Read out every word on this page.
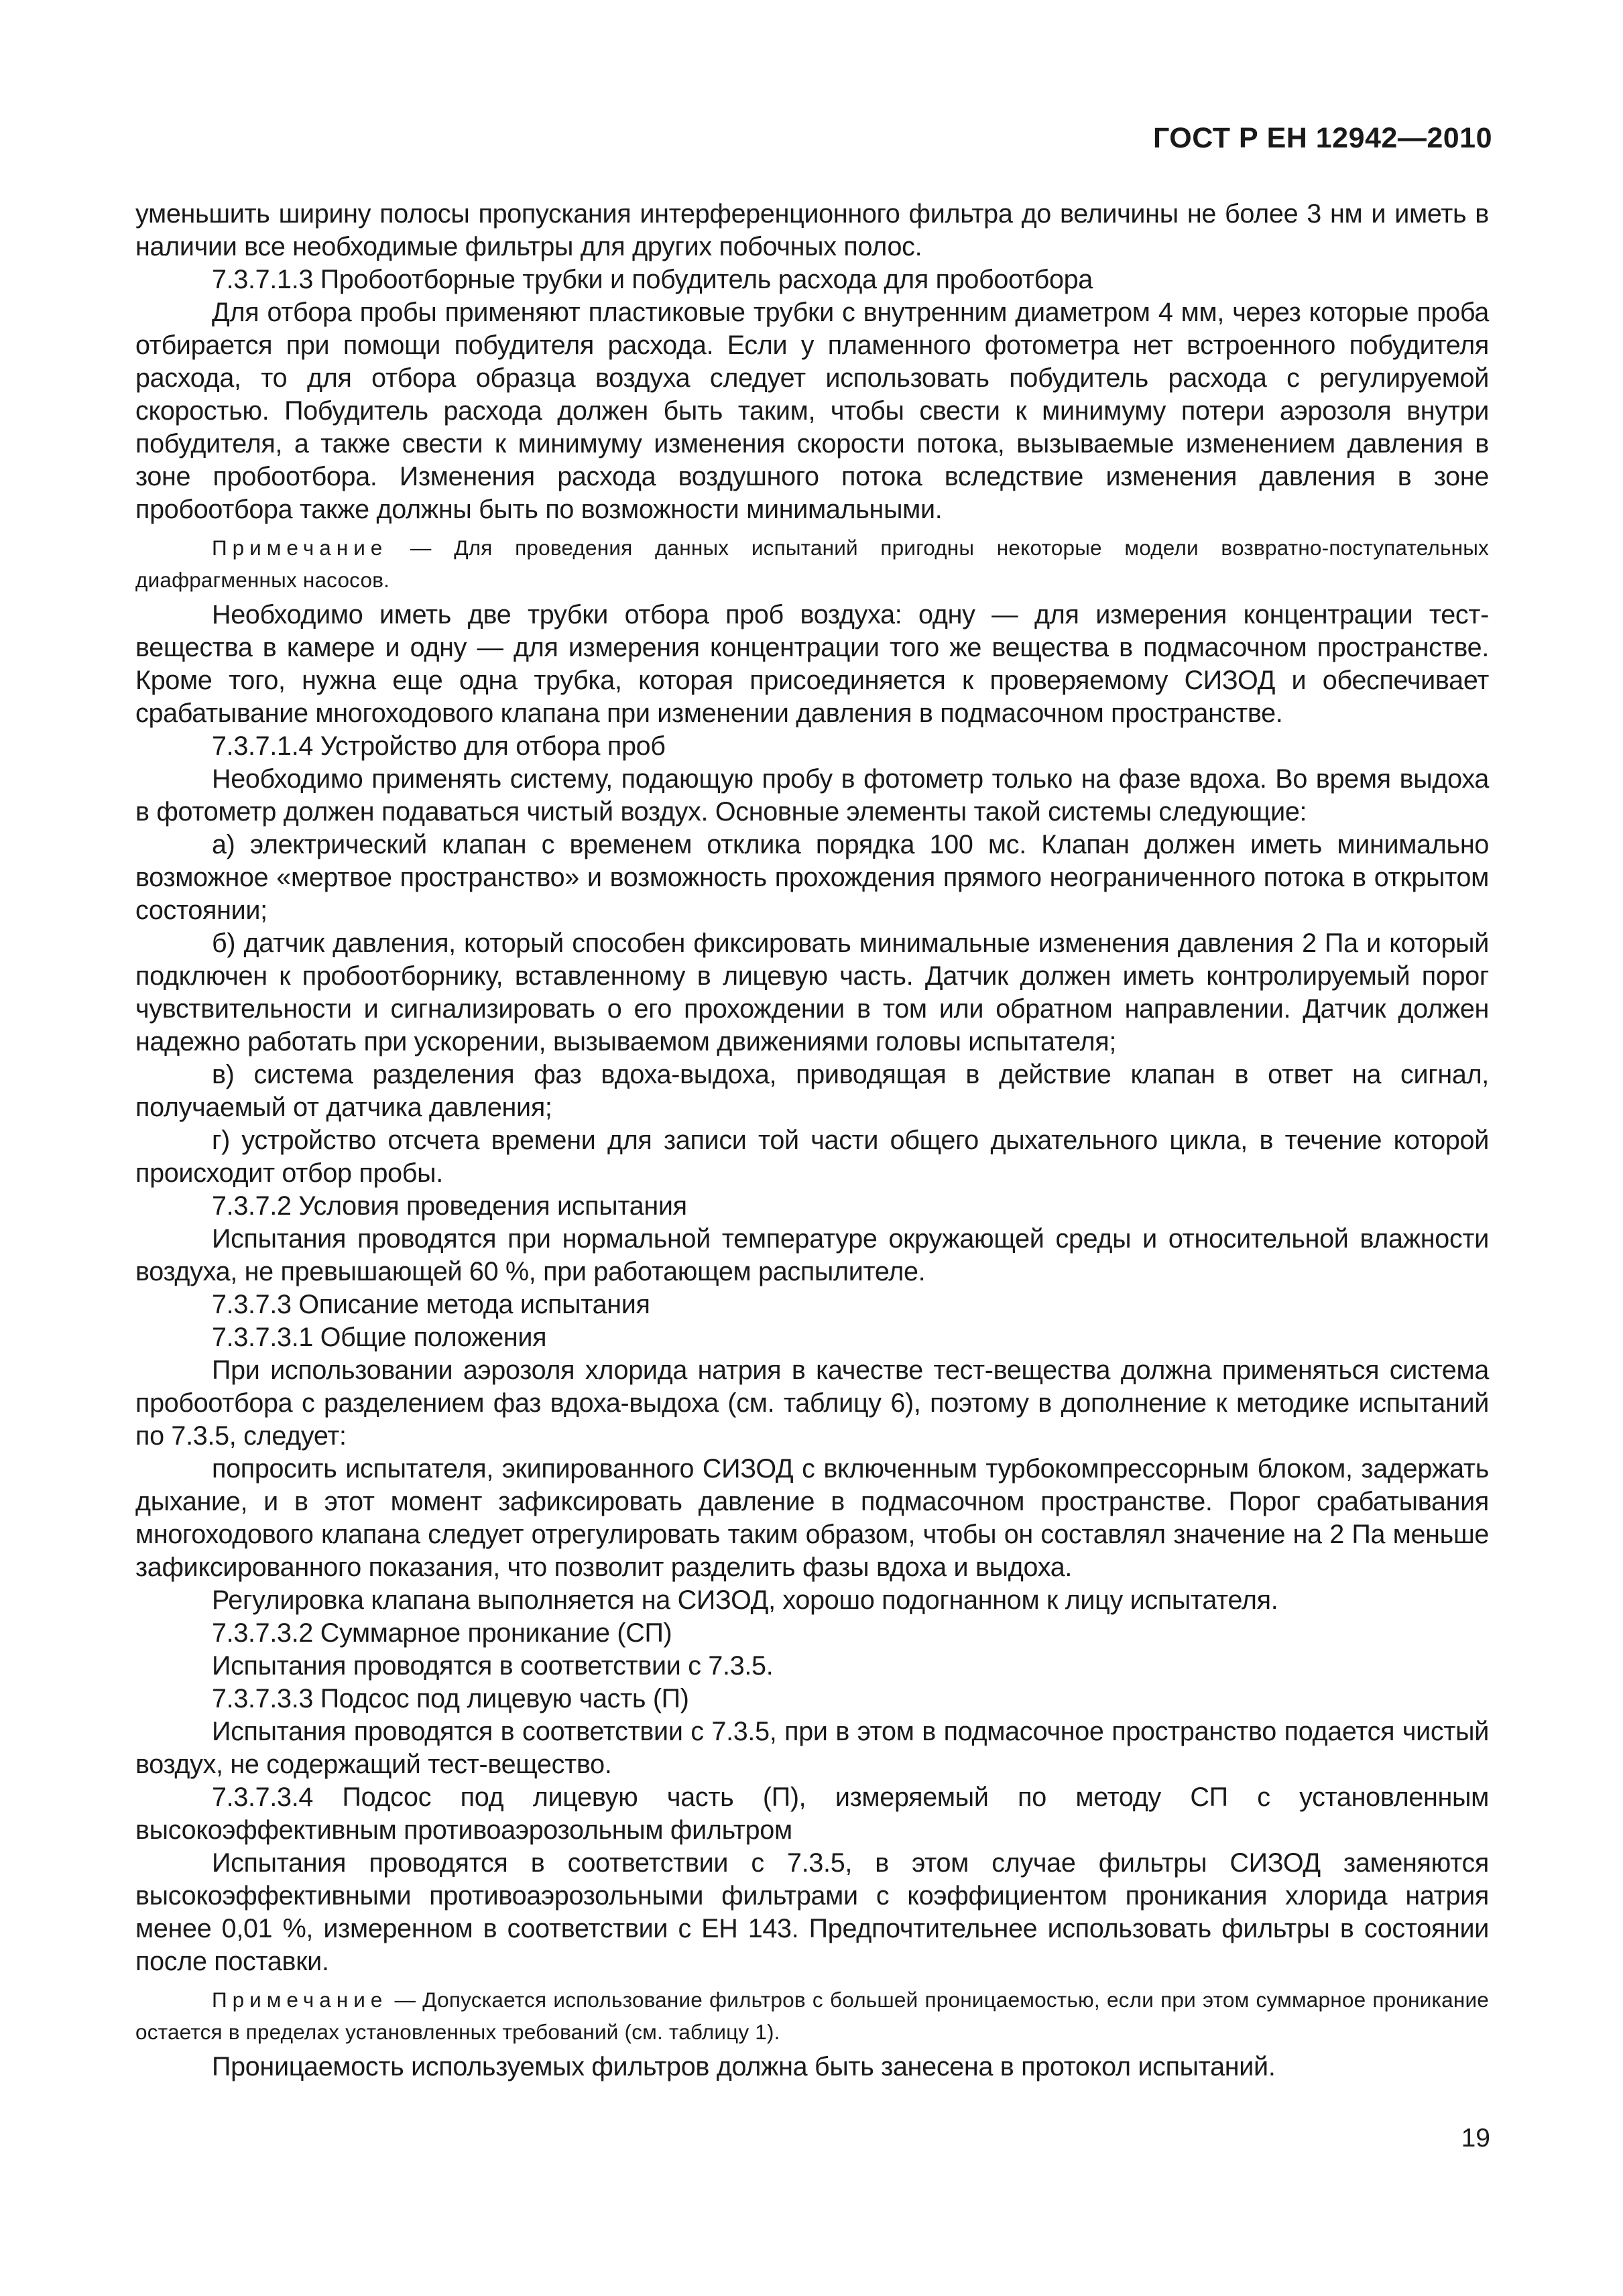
ГОСТ Р ЕН 12942—2010

уменьшить ширину полосы пропускания интерференционного фильтра до величины не более 3 нм и иметь в наличии все необходимые фильтры для других побочных полос.

7.3.7.1.3 Пробоотборные трубки и побудитель расхода для пробоотбора

Для отбора пробы применяют пластиковые трубки с внутренним диаметром 4 мм, через которые проба отбирается при помощи побудителя расхода. Если у пламенного фотометра нет встроенного побудителя расхода, то для отбора образца воздуха следует использовать побудитель расхода с регулируемой скоростью. Побудитель расхода должен быть таким, чтобы свести к минимуму потери аэрозоля внутри побудителя, а также свести к минимуму изменения скорости потока, вызываемые изменением давления в зоне пробоотбора. Изменения расхода воздушного потока вследствие изменения давления в зоне пробоотбора также должны быть по возможности минимальными.

Примечание — Для проведения данных испытаний пригодны некоторые модели возвратно-поступательных диафрагменных насосов.

Необходимо иметь две трубки отбора проб воздуха: одну — для измерения концентрации тест-вещества в камере и одну — для измерения концентрации того же вещества в подмасочном пространстве. Кроме того, нужна еще одна трубка, которая присоединяется к проверяемому СИЗОД и обеспечивает срабатывание многоходового клапана при изменении давления в подмасочном пространстве.

7.3.7.1.4 Устройство для отбора проб

Необходимо применять систему, подающую пробу в фотометр только на фазе вдоха. Во время выдоха в фотометр должен подаваться чистый воздух. Основные элементы такой системы следующие:

а) электрический клапан с временем отклика порядка 100 мс. Клапан должен иметь минимально возможное «мертвое пространство» и возможность прохождения прямого неограниченного потока в открытом состоянии;

б) датчик давления, который способен фиксировать минимальные изменения давления 2 Па и который подключен к пробоотборнику, вставленному в лицевую часть. Датчик должен иметь контролируемый порог чувствительности и сигнализировать о его прохождении в том или обратном направлении. Датчик должен надежно работать при ускорении, вызываемом движениями головы испытателя;

в) система разделения фаз вдоха-выдоха, приводящая в действие клапан в ответ на сигнал, получаемый от датчика давления;

г) устройство отсчета времени для записи той части общего дыхательного цикла, в течение которой происходит отбор пробы.

7.3.7.2 Условия проведения испытания

Испытания проводятся при нормальной температуре окружающей среды и относительной влажности воздуха, не превышающей 60 %, при работающем распылителе.

7.3.7.3 Описание метода испытания

7.3.7.3.1 Общие положения

При использовании аэрозоля хлорида натрия в качестве тест-вещества должна применяться система пробоотбора с разделением фаз вдоха-выдоха (см. таблицу 6), поэтому в дополнение к методике испытаний по 7.3.5, следует:

попросить испытателя, экипированного СИЗОД с включенным турбокомпрессорным блоком, задержать дыхание, и в этот момент зафиксировать давление в подмасочном пространстве. Порог срабатывания многоходового клапана следует отрегулировать таким образом, чтобы он составлял значение на 2 Па меньше зафиксированного показания, что позволит разделить фазы вдоха и выдоха.

Регулировка клапана выполняется на СИЗОД, хорошо подогнанном к лицу испытателя.

7.3.7.3.2 Суммарное проникание (СП)

Испытания проводятся в соответствии с 7.3.5.

7.3.7.3.3 Подсос под лицевую часть (П)

Испытания проводятся в соответствии с 7.3.5, при в этом в подмасочное пространство подается чистый воздух, не содержащий тест-вещество.

7.3.7.3.4 Подсос под лицевую часть (П), измеряемый по методу СП с установленным высокоэффективным противоаэрозольным фильтром

Испытания проводятся в соответствии с 7.3.5, в этом случае фильтры СИЗОД заменяются высокоэффективными противоаэрозольными фильтрами с коэффициентом проникания хлорида натрия менее 0,01 %, измеренном в соответствии с ЕН 143. Предпочтительнее использовать фильтры в состоянии после поставки.

Примечание — Допускается использование фильтров с большей проницаемостью, если при этом суммарное проникание остается в пределах установленных требований (см. таблицу 1).

Проницаемость используемых фильтров должна быть занесена в протокол испытаний.

19
